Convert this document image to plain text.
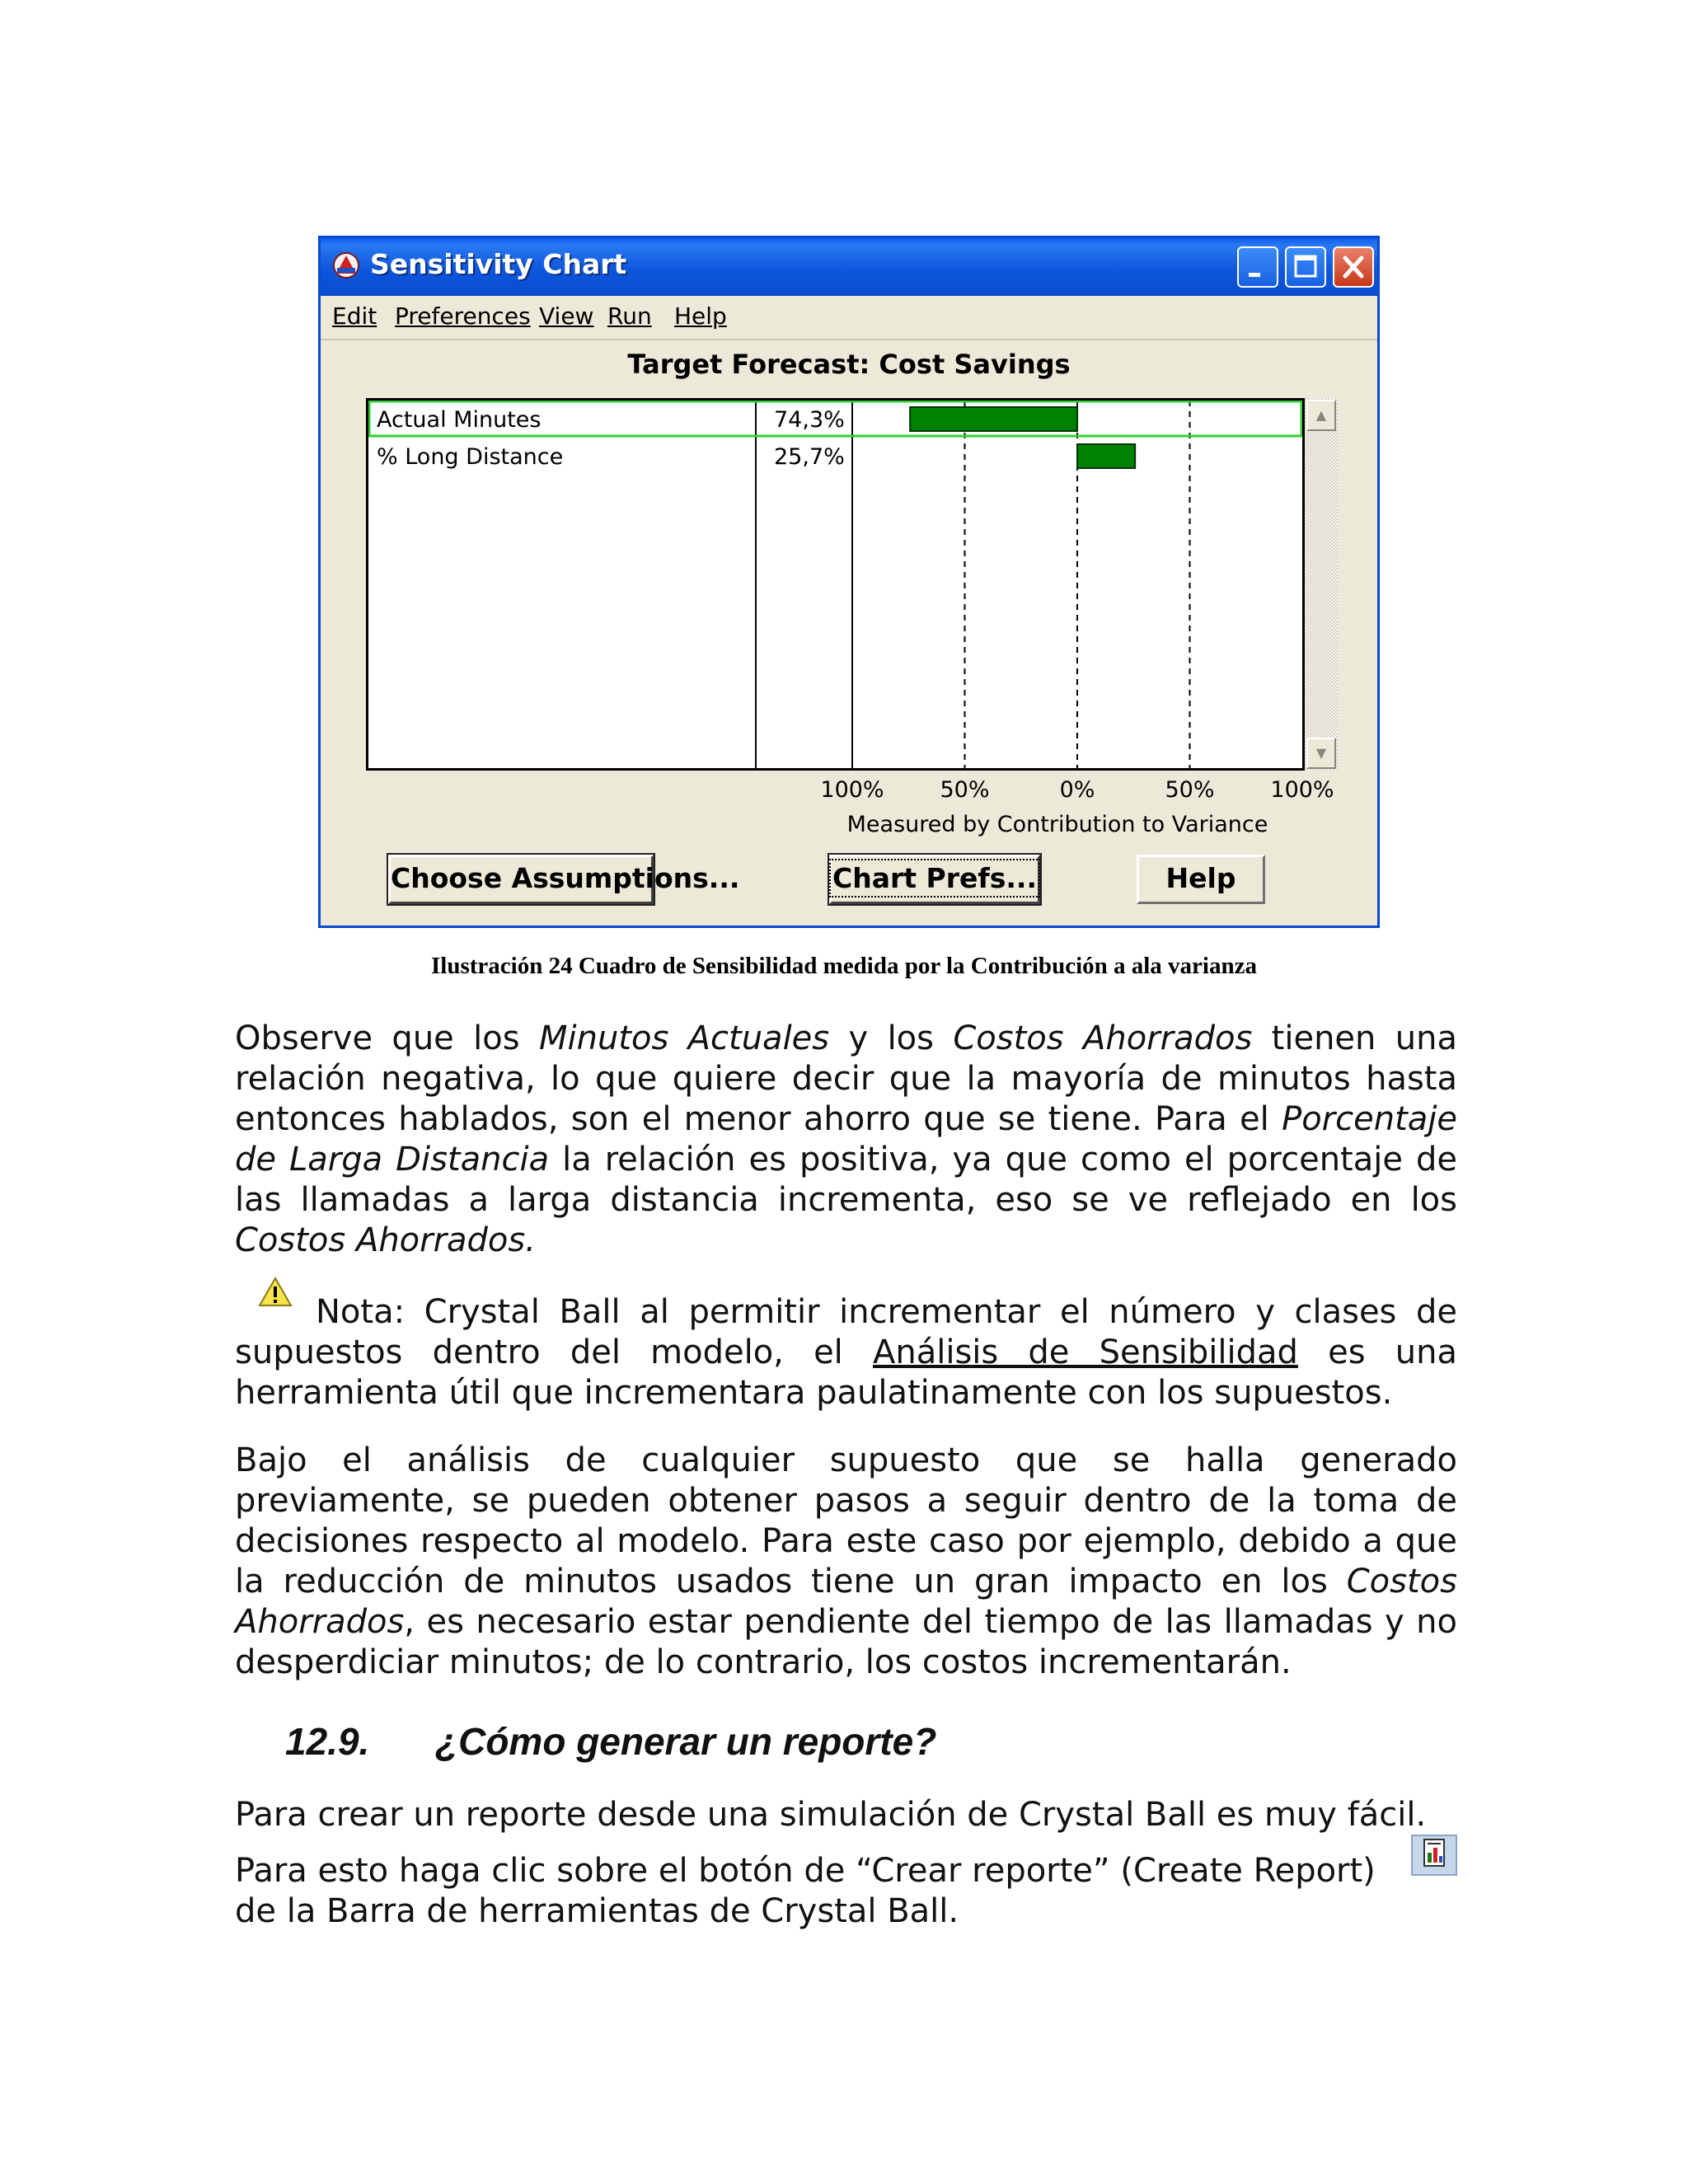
Sensitivity Chart
Edit Preferences View Run Help
Target Forecast: Cost Savings
Actual Minutes	74,3%
% Long Distance	25,7%
▲
▼
100%	50%	0%	50%	100%
Measured by Contribution to Variance
Choose Assumptions...	Chart Prefs...	Help
Ilustración 24 Cuadro de Sensibilidad medida por la Contribución a ala varianza
Observe que los Minutos Actuales y los Costos Ahorrados tienen una
relación negativa, lo que quiere decir que la mayoría de minutos hasta
entonces hablados, son el menor ahorro que se tiene. Para el Porcentaje
de Larga Distancia la relación es positiva, ya que como el porcentaje de
las llamadas a larga distancia incrementa, eso se ve reflejado en los
Costos Ahorrados.
Nota: Crystal Ball al permitir incrementar el número y clases de
supuestos dentro del modelo, el Análisis de Sensibilidad es una
herramienta útil que incrementara paulatinamente con los supuestos.
Bajo el análisis de cualquier supuesto que se halla generado
previamente, se pueden obtener pasos a seguir dentro de la toma de
decisiones respecto al modelo. Para este caso por ejemplo, debido a que
la reducción de minutos usados tiene un gran impacto en los Costos
Ahorrados, es necesario estar pendiente del tiempo de las llamadas y no
desperdiciar minutos; de lo contrario, los costos incrementarán.
12.9. ¿Cómo generar un reporte?
Para crear un reporte desde una simulación de Crystal Ball es muy fácil.
Para esto haga clic sobre el botón de “Crear reporte” (Create Report)
de la Barra de herramientas de Crystal Ball.
